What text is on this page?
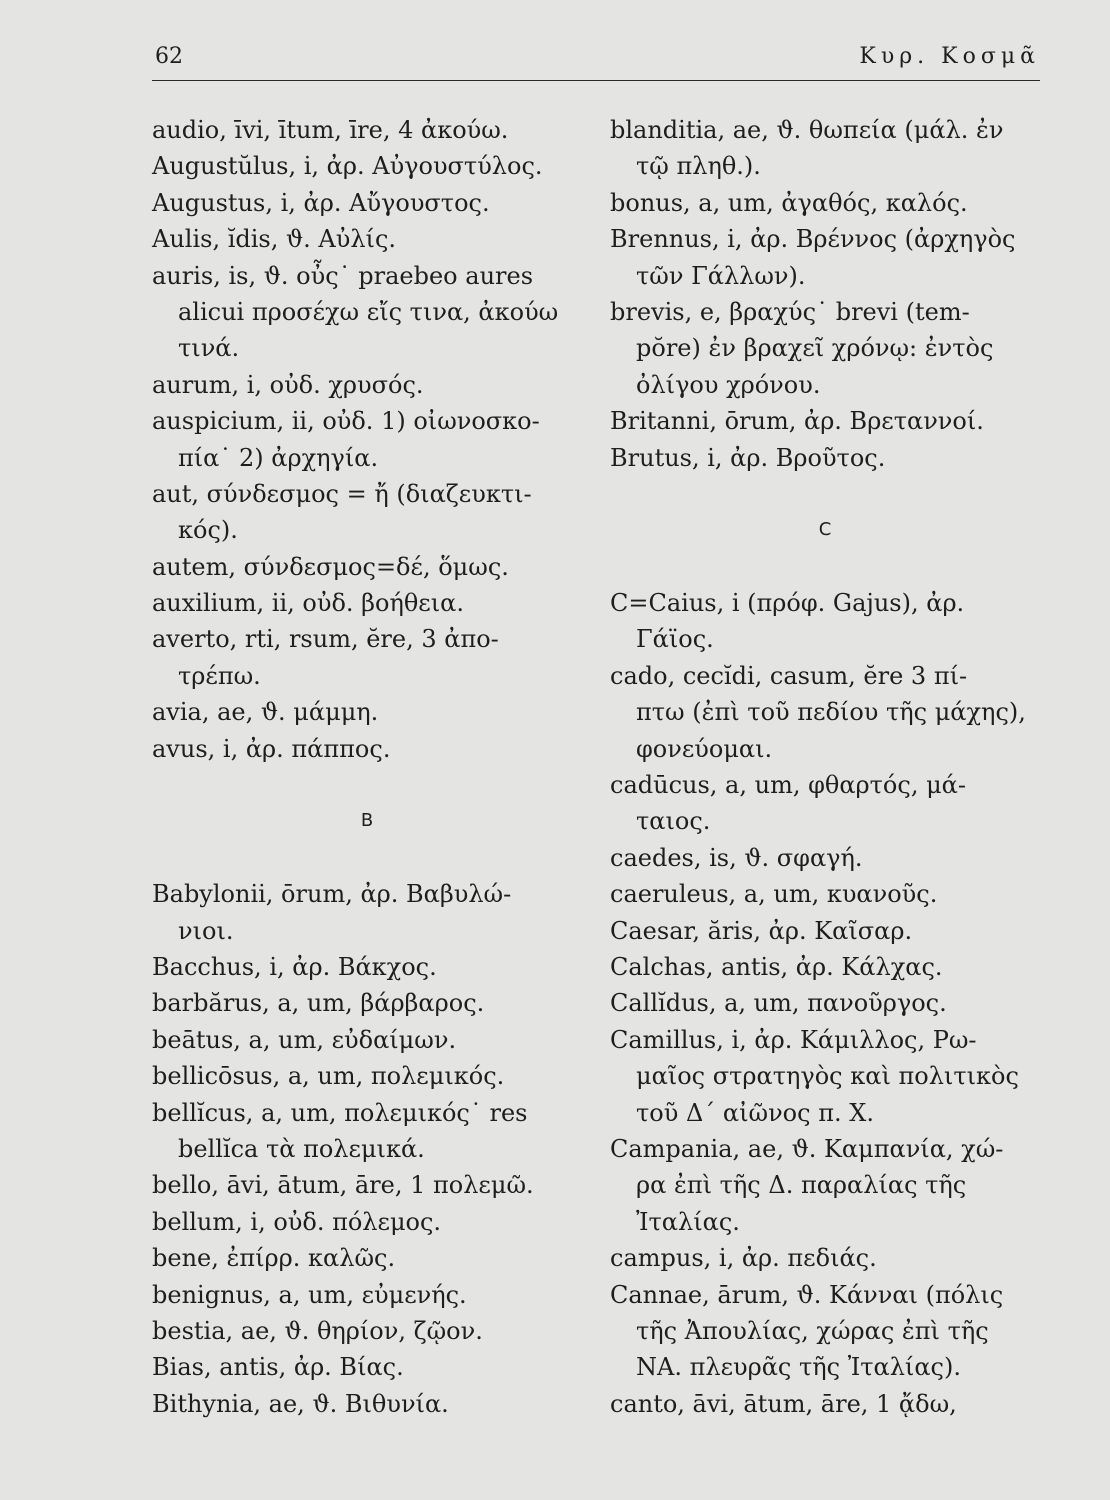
62	Κυρ. Κοσμᾶ
audio, īvi, ītum, īre, 4 ἀκούω.
Augustŭlus, i, ἀρ. Αὐγουστύλος.
Augustus, i, ἀρ. Αὔγουστος.
Aulis, ĭdis, ϑ. Αὐλίς.
auris, is, ϑ. οὖς˙ praebeo aures
alicui προσέχω εἴς τινα, ἀκούω
τινά.
aurum, i, οὐδ. χρυσός.
auspicium, ii, οὐδ. 1) οἰωνοσκο-
πία˙ 2) ἀρχηγία.
aut, σύνδεσμος = ἤ (διαζευκτι-
κός).
autem, σύνδεσμος=δέ, ὅμως.
auxilium, ii, οὐδ. βοήθεια.
averto, rti, rsum, ĕre, 3 ἀπο-
τρέπω.
avia, ae, ϑ. μάμμη.
avus, i, ἀρ. πάππος.
B
Babylonii, ōrum, ἀρ. Βαβυλώ-
νιοι.
Bacchus, i, ἀρ. Βάκχος.
barbărus, a, um, βάρβαρος.
beātus, a, um, εὐδαίμων.
bellicōsus, a, um, πολεμικός.
bellĭcus, a, um, πολεμικός˙ res
bellĭca τὰ πολεμικά.
bello, āvi, ātum, āre, 1 πολεμῶ.
bellum, i, οὐδ. πόλεμος.
bene, ἐπίρρ. καλῶς.
benignus, a, um, εὐμενής.
bestia, ae, ϑ. θηρίον, ζῷον.
Bias, antis, ἀρ. Βίας.
Bithynia, ae, ϑ. Βιθυνία.
blanditia, ae, ϑ. θωπεία (μάλ. ἐν
τῷ πληθ.).
bonus, a, um, ἀγαθός, καλός.
Brennus, i, ἀρ. Βρέννος (ἀρχηγὸς
τῶν Γάλλων).
brevis, e, βραχύς˙ brevi (tem-
pŏre) ἐν βραχεῖ χρόνῳ: ἐντὸς
ὀλίγου χρόνου.
Britanni, ōrum, ἀρ. Βρεταννοί.
Brutus, i, ἀρ. Βροῦτος.
C
C=Caius, i (πρόφ. Gajus), ἀρ.
Γάϊος.
cado, cecĭdi, casum, ĕre 3 πί-
πτω (ἐπὶ τοῦ πεδίου τῆς μάχης),
φονεύομαι.
cadūcus, a, um, φθαρτός, μά-
ταιος.
caedes, is, ϑ. σφαγή.
caeruleus, a, um, κυανοῦς.
Caesar, ăris, ἀρ. Καῖσαρ.
Calchas, antis, ἀρ. Κάλχας.
Callĭdus, a, um, πανοῦργος.
Camillus, i, ἀρ. Κάμιλλος, Ρω-
μαῖος στρατηγὸς καὶ πολιτικὸς
τοῦ Δ΄ αἰῶνος π. Χ.
Campania, ae, ϑ. Καμπανία, χώ-
ρα ἐπὶ τῆς Δ. παραλίας τῆς
Ἰταλίας.
campus, i, ἀρ. πεδιάς.
Cannae, ārum, ϑ. Κάνναι (πόλις
τῆς Ἀπουλίας, χώρας ἐπὶ τῆς
ΝΑ. πλευρᾶς τῆς Ἰταλίας).
canto, āvi, ātum, āre, 1 ᾄδω,
